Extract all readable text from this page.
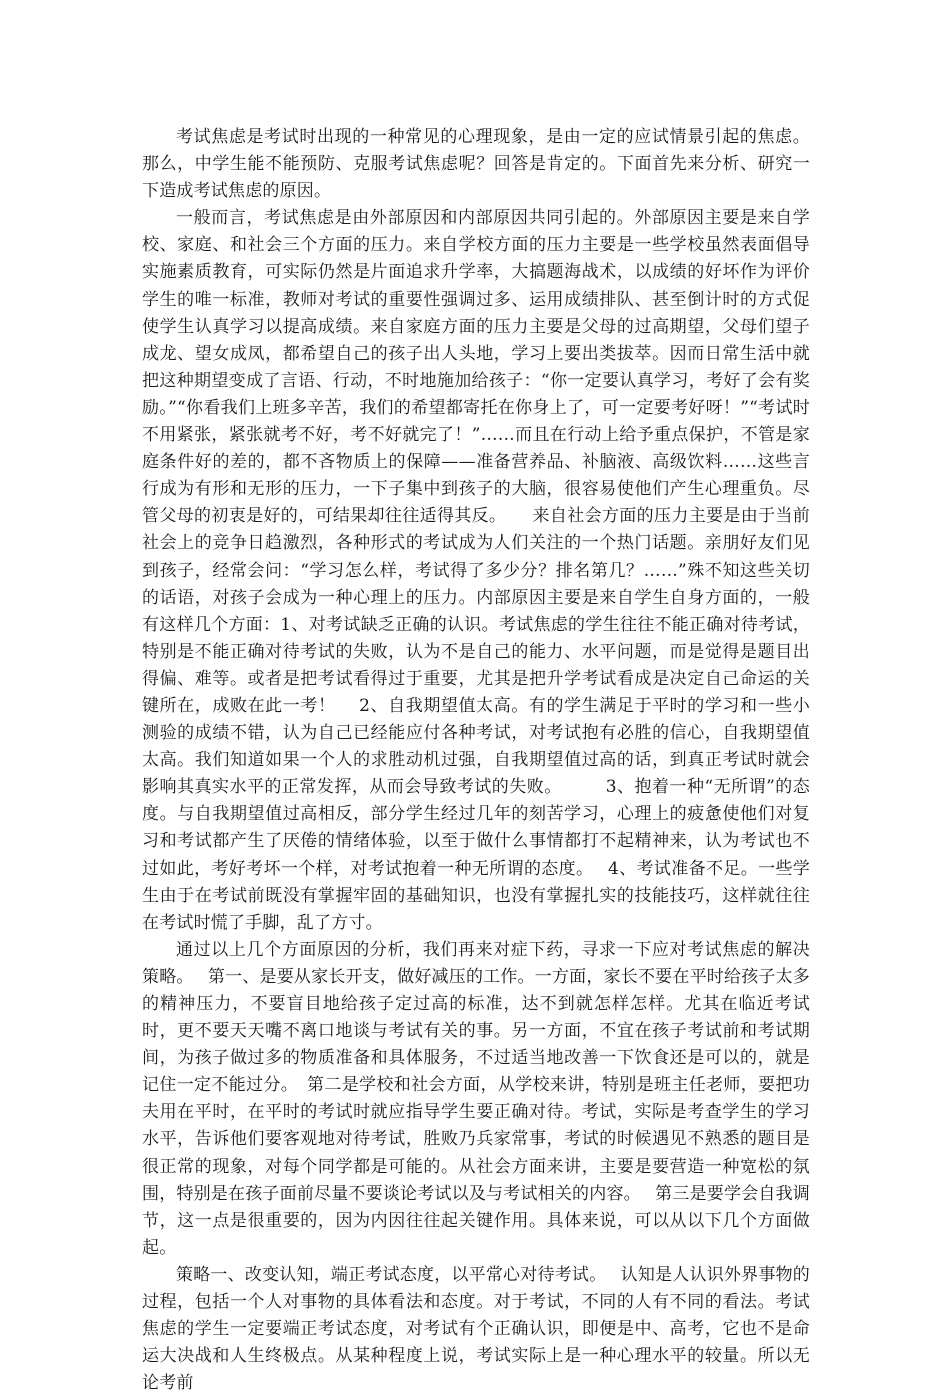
考试焦虑是考试时出现的一种常见的心理现象，是由一定的应试情景引起的焦虑。那么，中学生能不能预防、克服考试焦虑呢？回答是肯定的。下面首先来分析、研究一下造成考试焦虑的原因。

一般而言，考试焦虑是由外部原因和内部原因共同引起的。外部原因主要是来自学校、家庭、和社会三个方面的压力。来自学校方面的压力主要是一些学校虽然表面倡导实施素质教育，可实际仍然是片面追求升学率，大搞题海战术，以成绩的好坏作为评价学生的唯一标准，教师对考试的重要性强调过多、运用成绩排队、甚至倒计时的方式促使学生认真学习以提高成绩。来自家庭方面的压力主要是父母的过高期望，父母们望子成龙、望女成凤，都希望自己的孩子出人头地，学习上要出类拔萃。因而日常生活中就把这种期望变成了言语、行动，不时地施加给孩子：“你一定要认真学习，考好了会有奖励。”“你看我们上班多辛苦，我们的希望都寄托在你身上了，可一定要考好呀！”“考试时不用紧张，紧张就考不好，考不好就完了！”……而且在行动上给予重点保护，不管是家庭条件好的差的，都不吝物质上的保障——准备营养品、补脑液、高级饮料……这些言行成为有形和无形的压力，一下子集中到孩子的大脑，很容易使他们产生心理重负。尽管父母的初衷是好的，可结果却往往适得其反。　　来自社会方面的压力主要是由于当前社会上的竞争日趋激烈，各种形式的考试成为人们关注的一个热门话题。亲朋好友们见到孩子，经常会问：“学习怎么样，考试得了多少分？排名第几？……”殊不知这些关切的话语，对孩子会成为一种心理上的压力。内部原因主要是来自学生自身方面的，一般有这样几个方面：1、对考试缺乏正确的认识。考试焦虑的学生往往不能正确对待考试，特别是不能正确对待考试的失败，认为不是自己的能力、水平问题，而是觉得是题目出得偏、难等。或者是把考试看得过于重要，尤其是把升学考试看成是决定自己命运的关键所在，成败在此一考！　 2、自我期望值太高。有的学生满足于平时的学习和一些小测验的成绩不错，认为自己已经能应付各种考试，对考试抱有必胜的信心，自我期望值太高。我们知道如果一个人的求胜动机过强，自我期望值过高的话，到真正考试时就会影响其真实水平的正常发挥，从而会导致考试的失败。　　　3、抱着一种“无所谓”的态度。与自我期望值过高相反，部分学生经过几年的刻苦学习，心理上的疲惫使他们对复习和考试都产生了厌倦的情绪体验，以至于做什么事情都打不起精神来，认为考试也不过如此，考好考坏一个样，对考试抱着一种无所谓的态度。　 4、考试准备不足。一些学生由于在考试前既没有掌握牢固的基础知识，也没有掌握扎实的技能技巧，这样就往往在考试时慌了手脚，乱了方寸。

通过以上几个方面原因的分析，我们再来对症下药，寻求一下应对考试焦虑的解决策略。　 第一、是要从家长开支，做好减压的工作。一方面，家长不要在平时给孩子太多的精神压力，不要盲目地给孩子定过高的标准，达不到就怎样怎样。尤其在临近考试时，更不要天天嘴不离口地谈与考试有关的事。另一方面，不宜在孩子考试前和考试期间，为孩子做过多的物质准备和具体服务，不过适当地改善一下饮食还是可以的，就是记住一定不能过分。　第二是学校和社会方面，从学校来讲，特别是班主任老师，要把功夫用在平时，在平时的考试时就应指导学生要正确对待。考试，实际是考查学生的学习水平，告诉他们要客观地对待考试，胜败乃兵家常事，考试的时候遇见不熟悉的题目是很正常的现象，对每个同学都是可能的。从社会方面来讲，主要是要营造一种宽松的氛围，特别是在孩子面前尽量不要谈论考试以及与考试相关的内容。　 第三是要学会自我调节，这一点是很重要的，因为内因往往起关键作用。具体来说，可以从以下几个方面做起。

策略一、改变认知，端正考试态度，以平常心对待考试。　 认知是人认识外界事物的过程，包括一个人对事物的具体看法和态度。对于考试，不同的人有不同的看法。考试焦虑的学生一定要端正考试态度，对考试有个正确认识，即便是中、高考，它也不是命运大决战和人生终极点。从某种程度上说，考试实际上是一种心理水平的较量。所以无论考前
